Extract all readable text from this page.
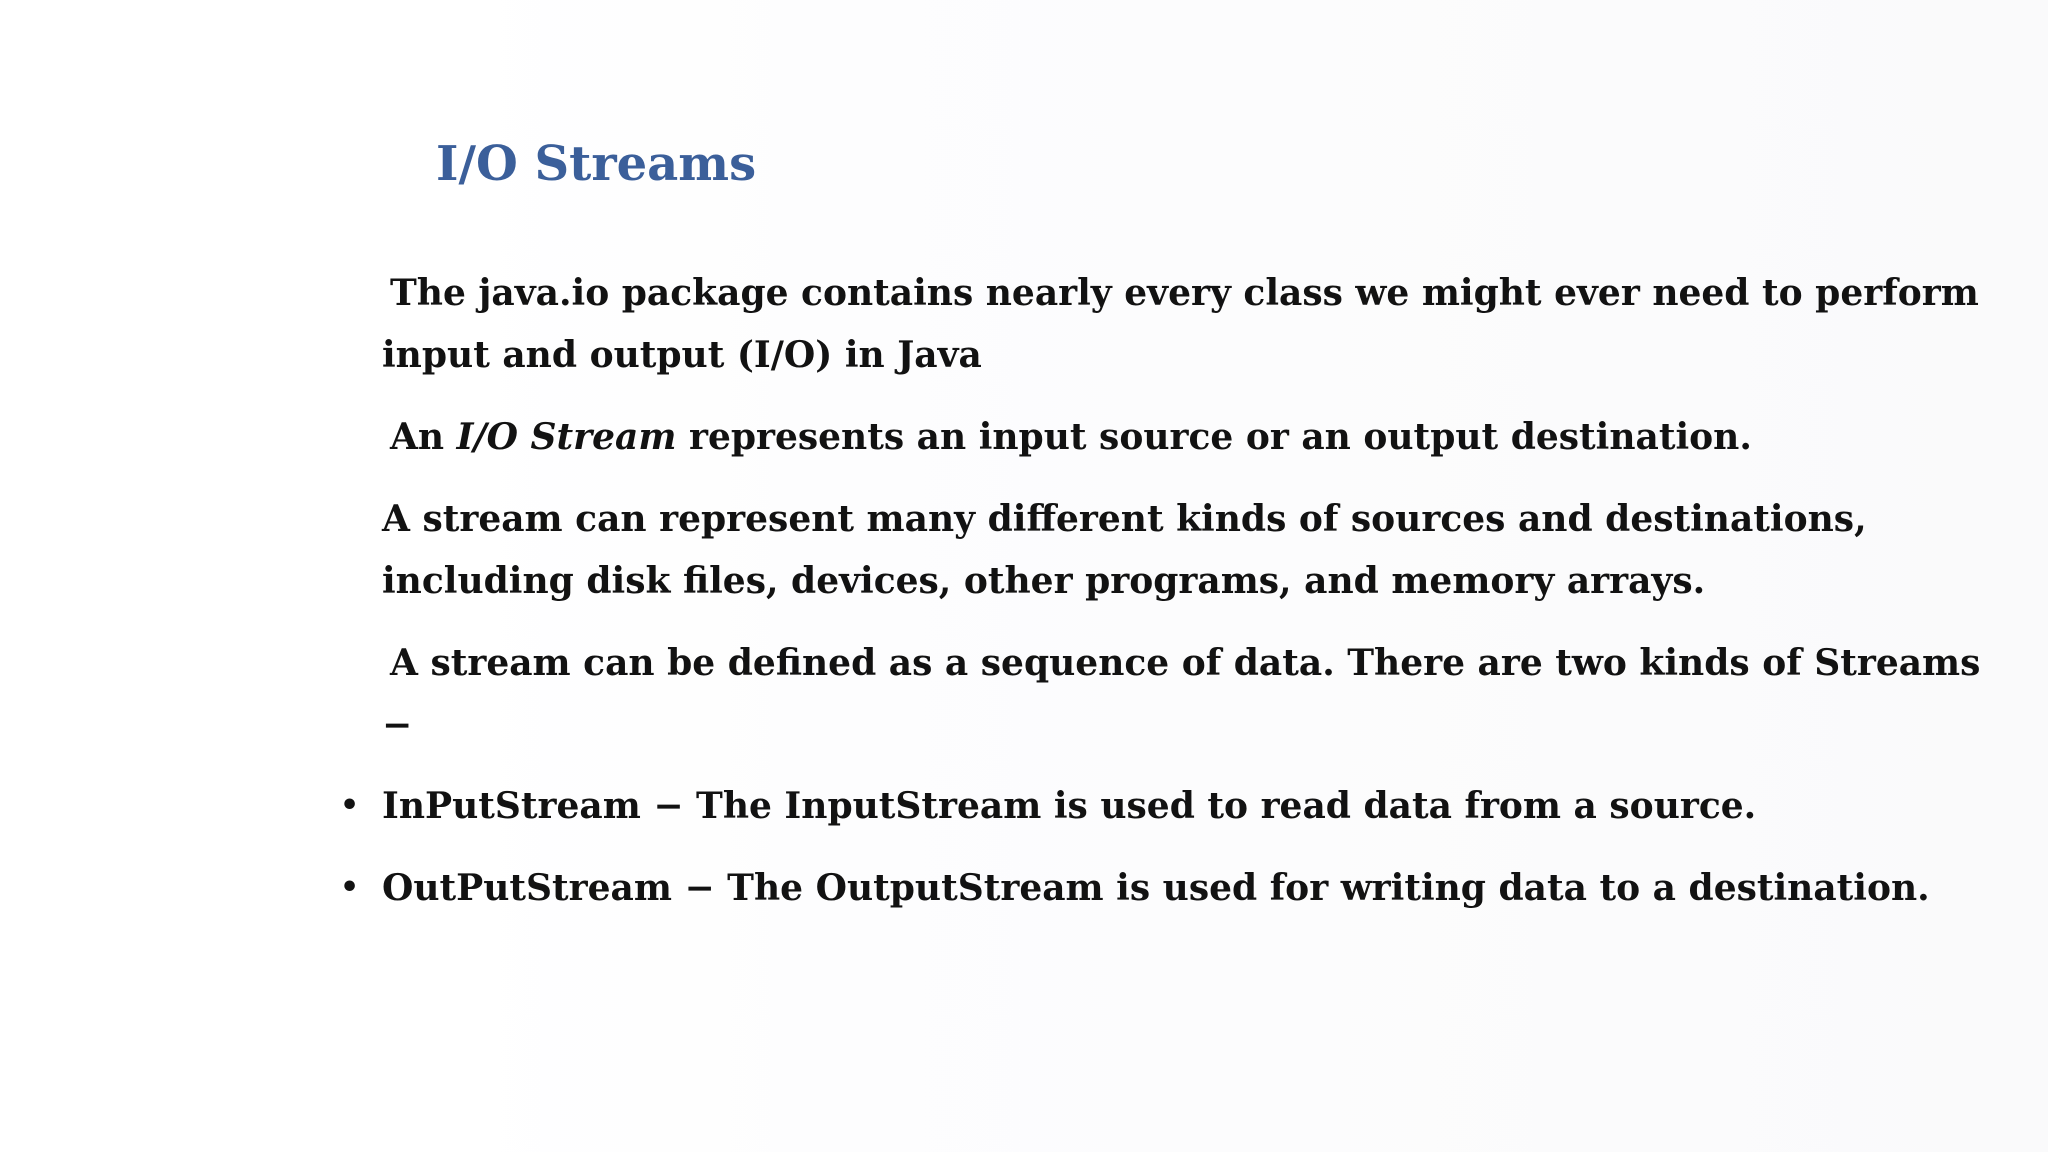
I/O Streams
The java.io package contains nearly every class we might ever need to perform
input and output (I/O) in Java
An I/O Stream represents an input source or an output destination.
A stream can represent many different kinds of sources and destinations,
including disk files, devices, other programs, and memory arrays.
A stream can be defined as a sequence of data. There are two kinds of Streams
−
• InPutStream − The InputStream is used to read data from a source.
• OutPutStream − The OutputStream is used for writing data to a destination.
